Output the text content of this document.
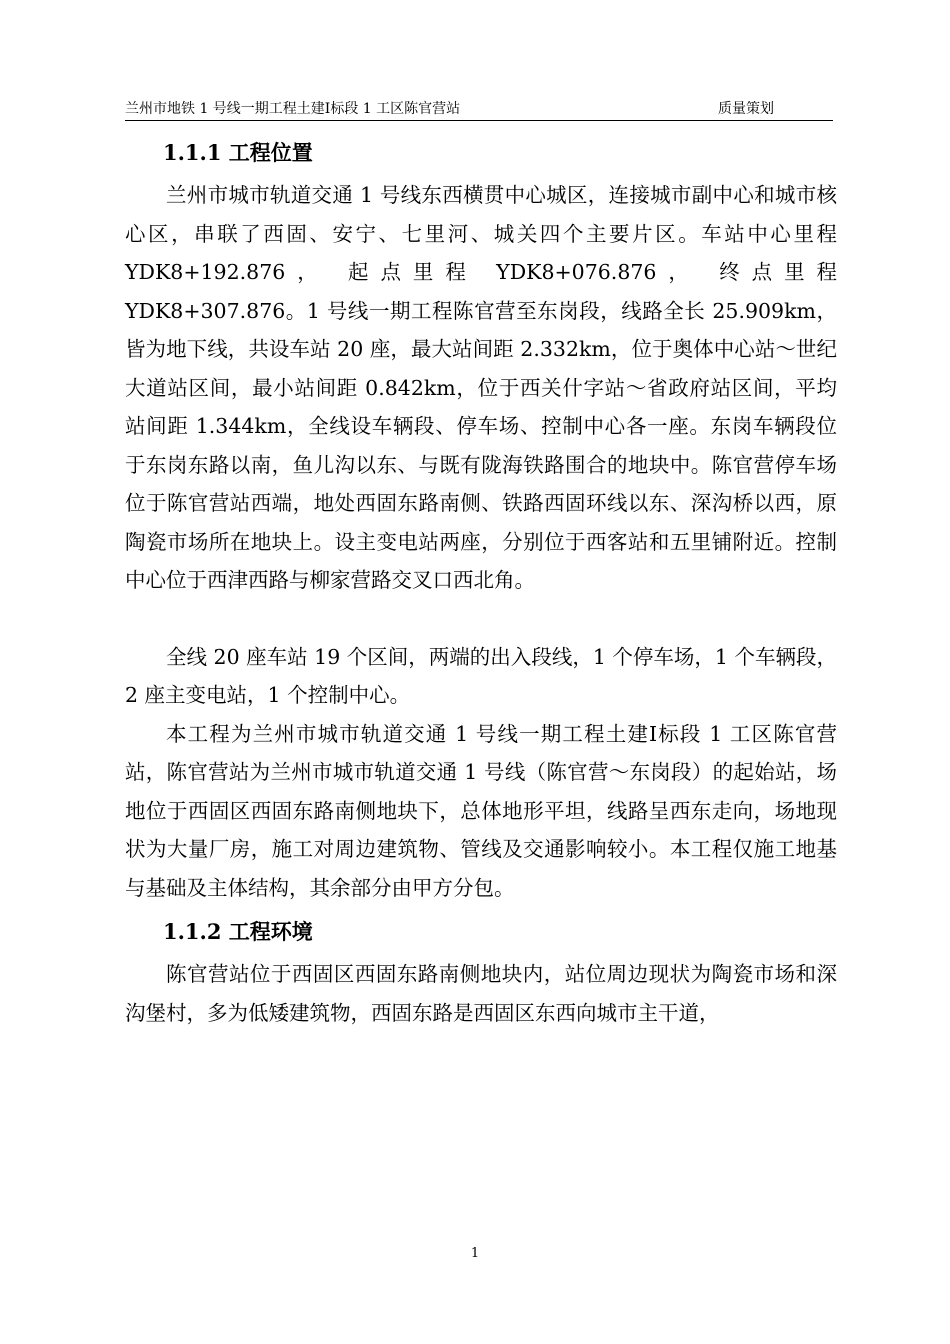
兰州市地铁 1 号线一期工程土建Ⅰ标段 1 工区陈官营站	质量策划
1.1.1 工程位置

兰州市城市轨道交通 1 号线东西横贯中心城区，连接城市副中心和城市核心区，串联了西固、安宁、七里河、城关四个主要片区。车站中心里程 YDK8+192.876， 起点里程 YDK8+076.876， 终点里程 YDK8+307.876。1 号线一期工程陈官营至东岗段，线路全长 25.909km，皆为地下线，共设车站 20 座，最大站间距 2.332km，位于奥体中心站～世纪大道站区间，最小站间距 0.842km，位于西关什字站～省政府站区间，平均站间距 1.344km，全线设车辆段、停车场、控制中心各一座。东岗车辆段位于东岗东路以南，鱼儿沟以东、与既有陇海铁路围合的地块中。陈官营停车场位于陈官营站西端，地处西固东路南侧、铁路西固环线以东、深沟桥以西，原陶瓷市场所在地块上。设主变电站两座，分别位于西客站和五里铺附近。控制中心位于西津西路与柳家营路交叉口西北角。

全线 20 座车站 19 个区间，两端的出入段线，1 个停车场，1 个车辆段，2 座主变电站，1 个控制中心。

本工程为兰州市城市轨道交通 1 号线一期工程土建Ⅰ标段 1 工区陈官营站，陈官营站为兰州市城市轨道交通 1 号线（陈官营～东岗段）的起始站，场地位于西固区西固东路南侧地块下，总体地形平坦，线路呈西东走向，场地现状为大量厂房，施工对周边建筑物、管线及交通影响较小。本工程仅施工地基与基础及主体结构，其余部分由甲方分包。

1.1.2 工程环境

陈官营站位于西固区西固东路南侧地块内，站位周边现状为陶瓷市场和深沟堡村，多为低矮建筑物，西固东路是西固区东西向城市主干道，

1
